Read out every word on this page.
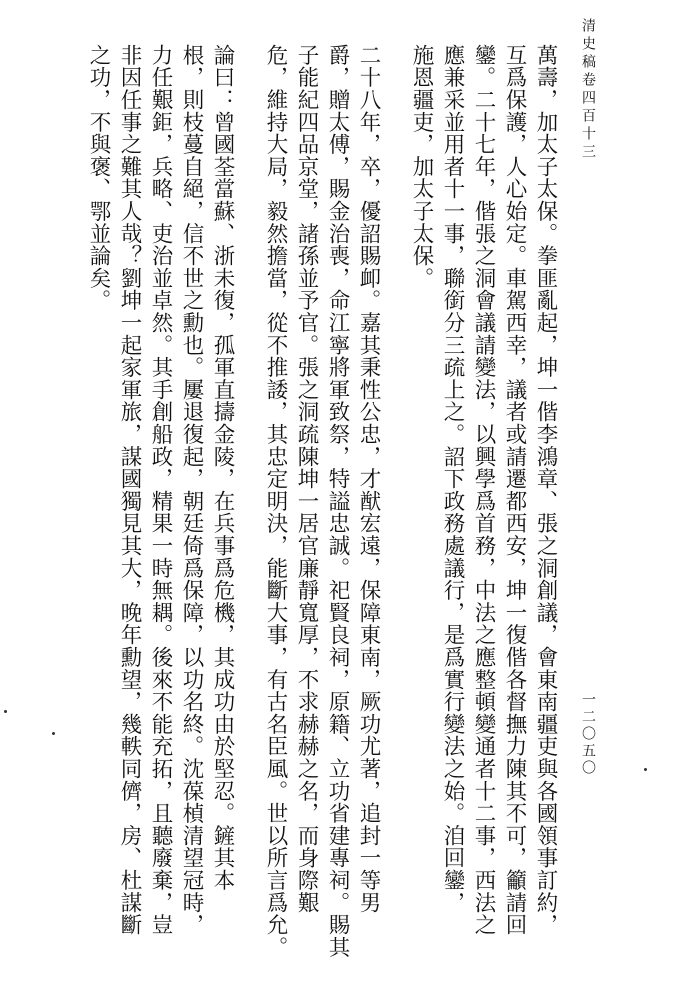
清史稿卷四百十三
一二〇五〇

萬壽，加太子太保。拳匪亂起，坤一偕李鴻章、張之洞創議，會東南疆吏與各國領事訂約，

互爲保護，人心始定。車駕西幸，議者或請遷都西安，坤一復偕各督撫力陳其不可，籲請回

鑾。二十七年，偕張之洞會議請變法，以興學爲首務，中法之應整頓變通者十二事，西法之

應兼采並用者十一事，聯銜分三疏上之。詔下政務處議行，是爲實行變法之始。洎回鑾，

施恩疆吏，加太子太保。

二十八年，卒，優詔賜卹。嘉其秉性公忠，才猷宏遠，保障東南，厥功尤著，追封一等男

爵，贈太傅，賜金治喪，命江寧將軍致祭，特謚忠誠。祀賢良祠，原籍、立功省建專祠。賜其

子能紀四品京堂，諸孫並予官。張之洞疏陳坤一居官廉靜寬厚，不求赫赫之名，而身際艱

危，維持大局，毅然擔當，從不推諉，其忠定明決，能斷大事，有古名臣風。世以所言爲允。

論曰：曾國荃當蘇、浙未復，孤軍直擣金陵，在兵事爲危機，其成功由於堅忍。鏟其本

根，則枝蔓自絕，信不世之勳也。屢退復起，朝廷倚爲保障，以功名終。沈葆楨清望冠時，

力任艱鉅，兵略、吏治並卓然。其手創船政，精果一時無耦。後來不能充拓，且聽廢棄，豈

非因任事之難其人哉？劉坤一起家軍旅，謀國獨見其大，晚年勳望，幾軼同儕，房、杜謀斷

之功，不與褒、鄂並論矣。
